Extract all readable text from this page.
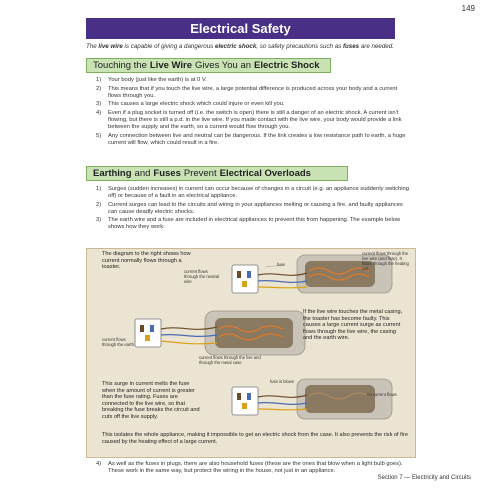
149
Electrical Safety
The live wire is capable of giving a dangerous electric shock, so safety precautions such as fuses are needed.
Touching the Live Wire Gives You an Electric Shock
1) Your body (just like the earth) is at 0 V.
2) This means that if you touch the live wire, a large potential difference is produced across your body and a current flows through you.
3) This causes a large electric shock which could injure or even kill you.
4) Even if a plug socket is turned off (i.e. the switch is open) there is still a danger of an electric shock. A current isn't flowing, but there is still a p.d. in the live wire. If you made contact with the live wire, your body would provide a link between the supply and the earth, so a current would flow through you.
5) Any connection between live and neutral can be dangerous. If the link creates a low resistance path to earth, a huge current will flow, which could result in a fire.
Earthing and Fuses Prevent Electrical Overloads
1) Surges (sudden increases) in current can occur because of changes in a circuit (e.g. an appliance suddenly switching off) or because of a fault in an electrical appliance.
2) Current surges can lead to the circuits and wiring in your appliances melting or causing a fire, and faulty appliances can cause deadly electric shocks.
3) The earth wire and a fuse are included in electrical appliances to prevent this from happening. The example below shows how they work:
The diagram to the right shows how current normally flows through a toaster.
current flows through the neutral wire
fuse
current flows through the live wire (and fuse). It flows through the heating coil.
If the live wire touches the metal casing, the toaster has become faulty. This causes a large current surge as current flows through the live wire, the casing and the earth wire.
current flows through the earth
current flows through the live and through the metal case
This surge in current melts the fuse when the amount of current is greater than the fuse rating. Fuses are connected to the live wire, so that breaking the fuse breaks the circuit and cuts off the live supply.
fuse is blown
no current flows
This isolates the whole appliance, making it impossible to get an electric shock from the case. It also prevents the risk of fire caused by the heating effect of a large current.
4) As well as the fuses in plugs, there are also household fuses (these are the ones that blow when a light bulb goes). These work in the same way, but protect the wiring in the house, not just in an appliance.
Section 7 — Electricity and Circuits
